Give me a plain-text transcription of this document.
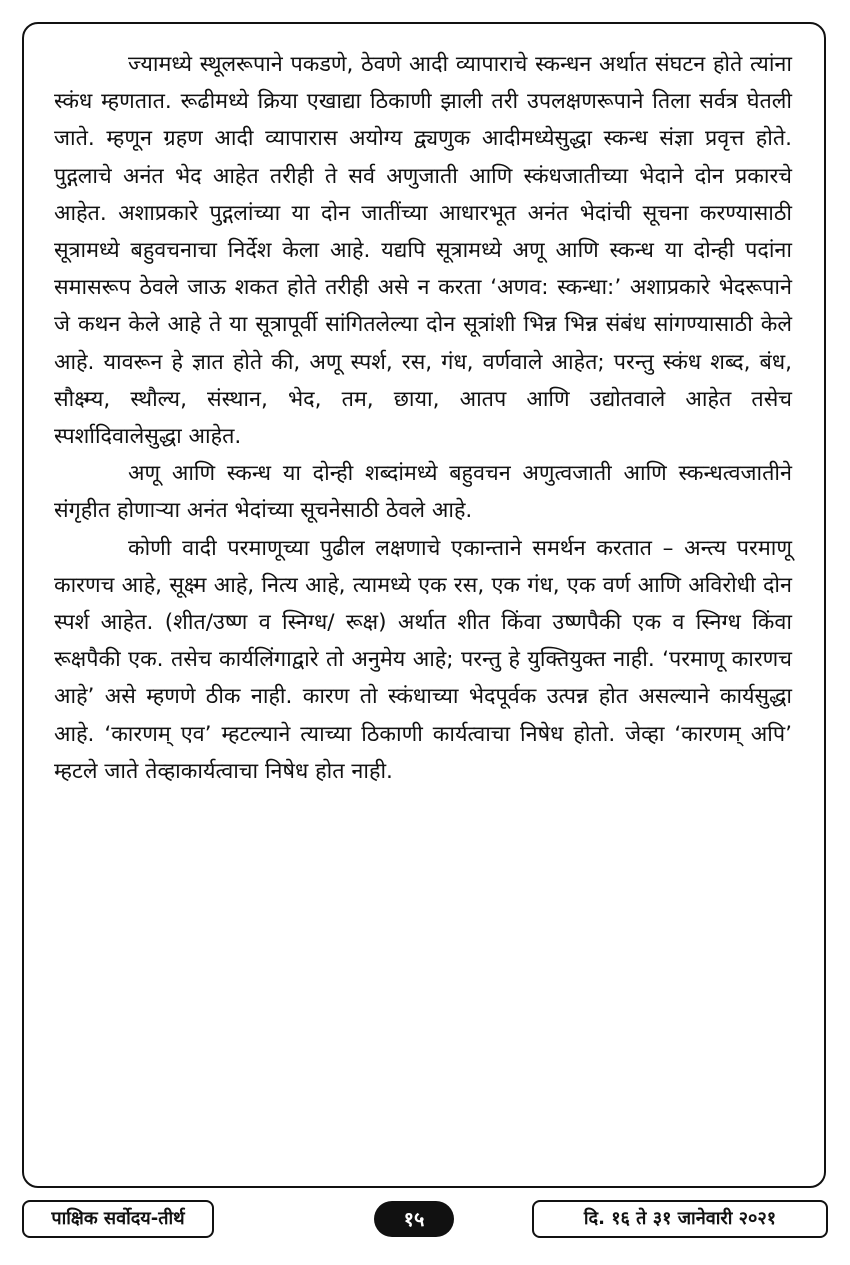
ज्यामध्ये स्थूलरूपाने पकडणे, ठेवणे आदी व्यापाराचे स्कन्धन अर्थात संघटन होते त्यांना स्कंध म्हणतात. रूढीमध्ये क्रिया एखाद्या ठिकाणी झाली तरी उपलक्षणरूपाने तिला सर्वत्र घेतली जाते. म्हणून ग्रहण आदी व्यापारास अयोग्य द्व्यणुक आदीमध्येसुद्धा स्कन्ध संज्ञा प्रवृत्त होते. पुद्गलाचे अनंत भेद आहेत तरीही ते सर्व अणुजाती आणि स्कंधजातीच्या भेदाने दोन प्रकारचे आहेत. अशाप्रकारे पुद्गलांच्या या दोन जातींच्या आधारभूत अनंत भेदांची सूचना करण्यासाठी सूत्रामध्ये बहुवचनाचा निर्देश केला आहे. यद्यपि सूत्रामध्ये अणू आणि स्कन्ध या दोन्ही पदांना समासरूप ठेवले जाऊ शकत होते तरीही असे न करता ‘अणव: स्कन्धा:’ अशाप्रकारे भेदरूपाने जे कथन केले आहे ते या सूत्रापूर्वी सांगितलेल्या दोन सूत्रांशी भिन्न भिन्न संबंध सांगण्यासाठी केले आहे. यावरून हे ज्ञात होते की, अणू स्पर्श, रस, गंध, वर्णवाले आहेत; परन्तु स्कंध शब्द, बंध, सौक्ष्म्य, स्थौल्य, संस्थान, भेद, तम, छाया, आतप आणि उद्योतवाले आहेत तसेच स्पर्शादिवालेसुद्धा आहेत.

अणू आणि स्कन्ध या दोन्ही शब्दांमध्ये बहुवचन अणुत्वजाती आणि स्कन्धत्वजातीने संगृहीत होणाऱ्या अनंत भेदांच्या सूचनेसाठी ठेवले आहे.

कोणी वादी परमाणूच्या पुढील लक्षणाचे एकान्ताने समर्थन करतात – अन्त्य परमाणू कारणच आहे, सूक्ष्म आहे, नित्य आहे, त्यामध्ये एक रस, एक गंध, एक वर्ण आणि अविरोधी दोन स्पर्श आहेत. (शीत/उष्ण व स्निग्ध/ रूक्ष) अर्थात शीत किंवा उष्णपैकी एक व स्निग्ध किंवा रूक्षपैकी एक. तसेच कार्यलिंगाद्वारे तो अनुमेय आहे; परन्तु हे युक्तियुक्त नाही. ‘परमाणू कारणच आहे’ असे म्हणणे ठीक नाही. कारण तो स्कंधाच्या भेदपूर्वक उत्पन्न होत असल्याने कार्यसुद्धा आहे. ‘कारणम् एव’ म्हटल्याने त्याच्या ठिकाणी कार्यत्वाचा निषेध होतो. जेव्हा ‘कारणम् अपि’ म्हटले जाते तेव्हाकार्यत्वाचा निषेध होत नाही.

पाक्षिक सर्वोदय-तीर्थ	१५	दि. १६ ते ३१ जानेवारी २०२१
